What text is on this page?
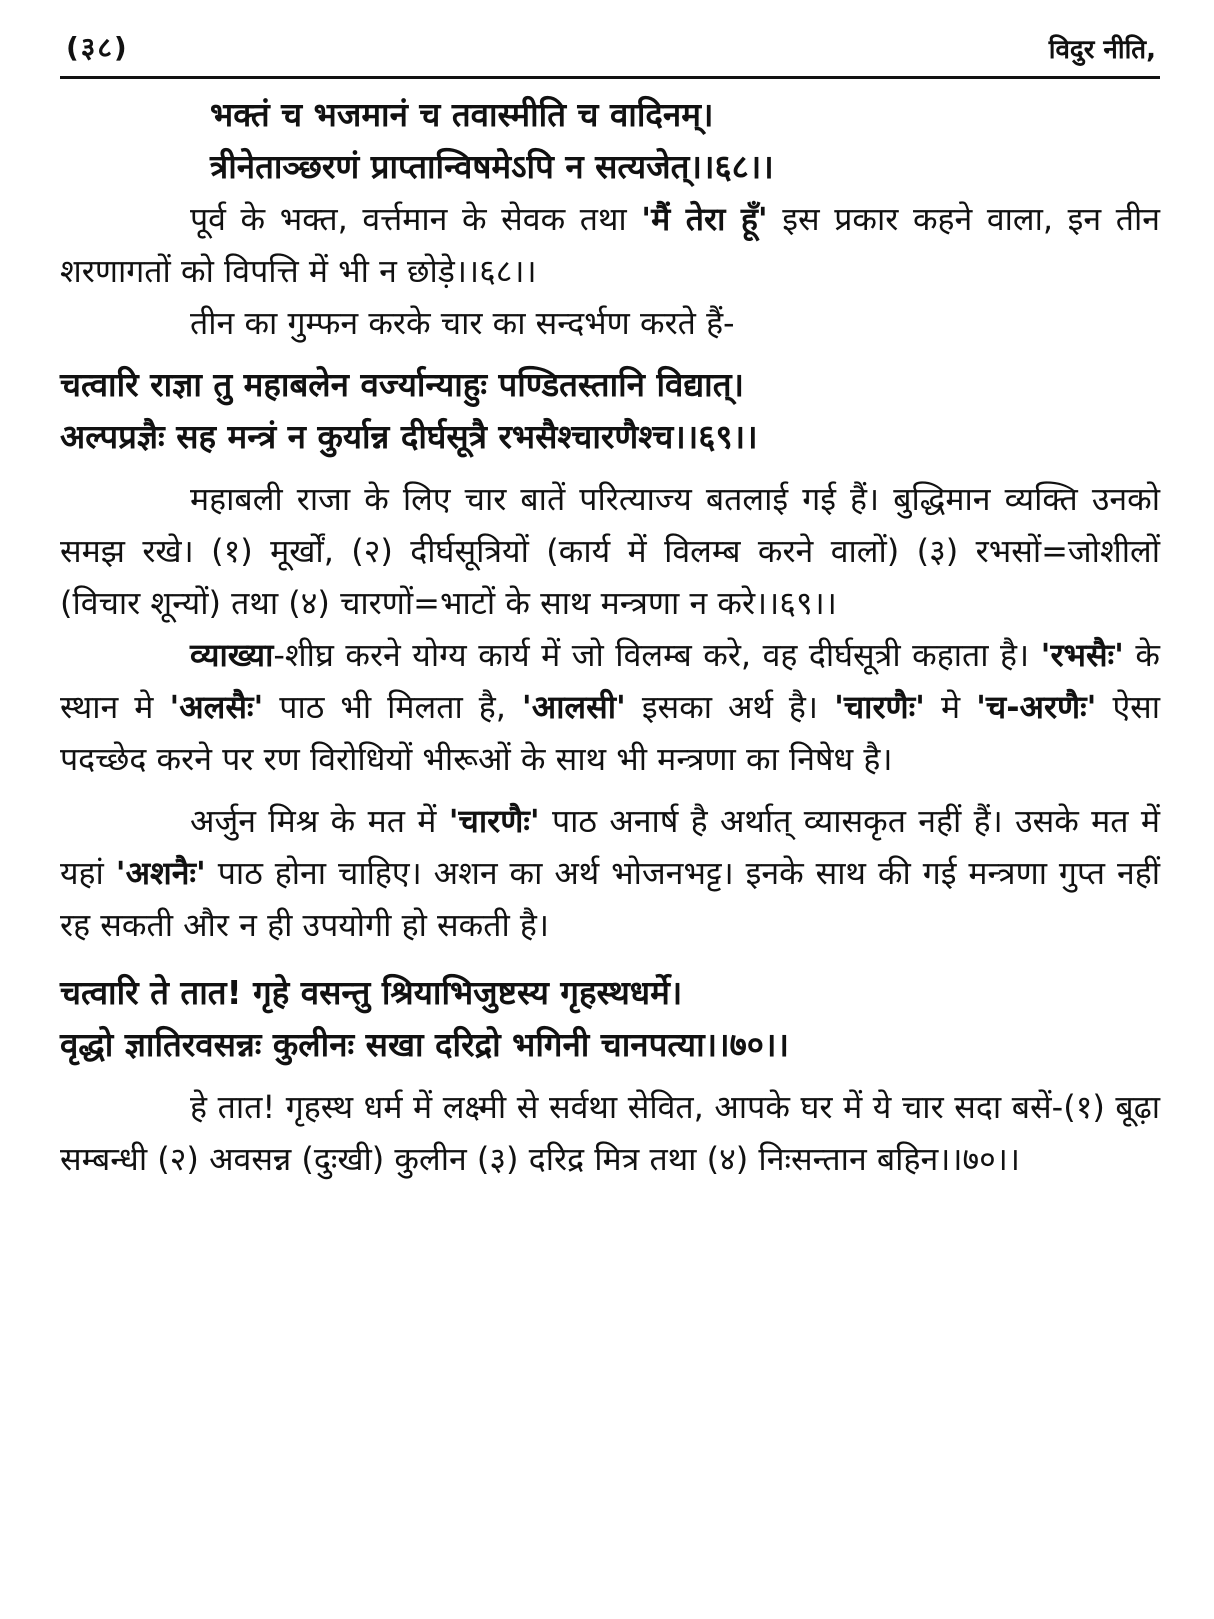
(३८)	विदुर नीति,
भक्तं च भजमानं च तवास्मीति च वादिनम्।
त्रीनेताञ्छरणं प्राप्तान्विषमेऽपि न सत्यजेत्।।६८।।
पूर्व के भक्त, वर्त्तमान के सेवक तथा 'मैं तेरा हूँ' इस प्रकार कहने वाला, इन तीन शरणागतों को विपत्ति में भी न छोड़े।।६८।।
तीन का गुम्फन करके चार का सन्दर्भण करते हैं-
चत्वारि राज्ञा तु महाबलेन वर्ज्यान्याहुः पण्डितस्तानि विद्यात्।
अल्पप्रज्ञैः सह मन्त्रं न कुर्यान्न दीर्घसूत्रै रभसैश्चारणैश्च।।६९।।
महाबली राजा के लिए चार बातें परित्याज्य बतलाई गई हैं। बुद्धिमान व्यक्ति उनको समझ रखे। (१) मूर्खों, (२) दीर्घसूत्रियों (कार्य में विलम्ब करने वालों) (३) रभसों=जोशीलों (विचार शून्यों) तथा (४) चारणों=भाटों के साथ मन्त्रणा न करे।।६९।।
व्याख्या-शीघ्र करने योग्य कार्य में जो विलम्ब करे, वह दीर्घसूत्री कहाता है। 'रभसैः' के स्थान मे 'अलसैः' पाठ भी मिलता है, 'आलसी' इसका अर्थ है। 'चारणैः' मे 'च-अरणैः' ऐसा पदच्छेद करने पर रण विरोधियों भीरूओं के साथ भी मन्त्रणा का निषेध है।
अर्जुन मिश्र के मत में 'चारणैः' पाठ अनार्ष है अर्थात् व्यासकृत नहीं हैं। उसके मत में यहां 'अशनैः' पाठ होना चाहिए। अशन का अर्थ भोजनभट्ट। इनके साथ की गई मन्त्रणा गुप्त नहीं रह सकती और न ही उपयोगी हो सकती है।
चत्वारि ते तात! गृहे वसन्तु श्रियाभिजुष्टस्य गृहस्थधर्मे।
वृद्धो ज्ञातिरवसन्नः कुलीनः सखा दरिद्रो भगिनी चानपत्या।।७०।।
हे तात! गृहस्थ धर्म में लक्ष्मी से सर्वथा सेवित, आपके घर में ये चार सदा बसें-(१) बूढ़ा सम्बन्धी (२) अवसन्न (दुःखी) कुलीन (३) दरिद्र मित्र तथा (४) निःसन्तान बहिन।।७०।।
